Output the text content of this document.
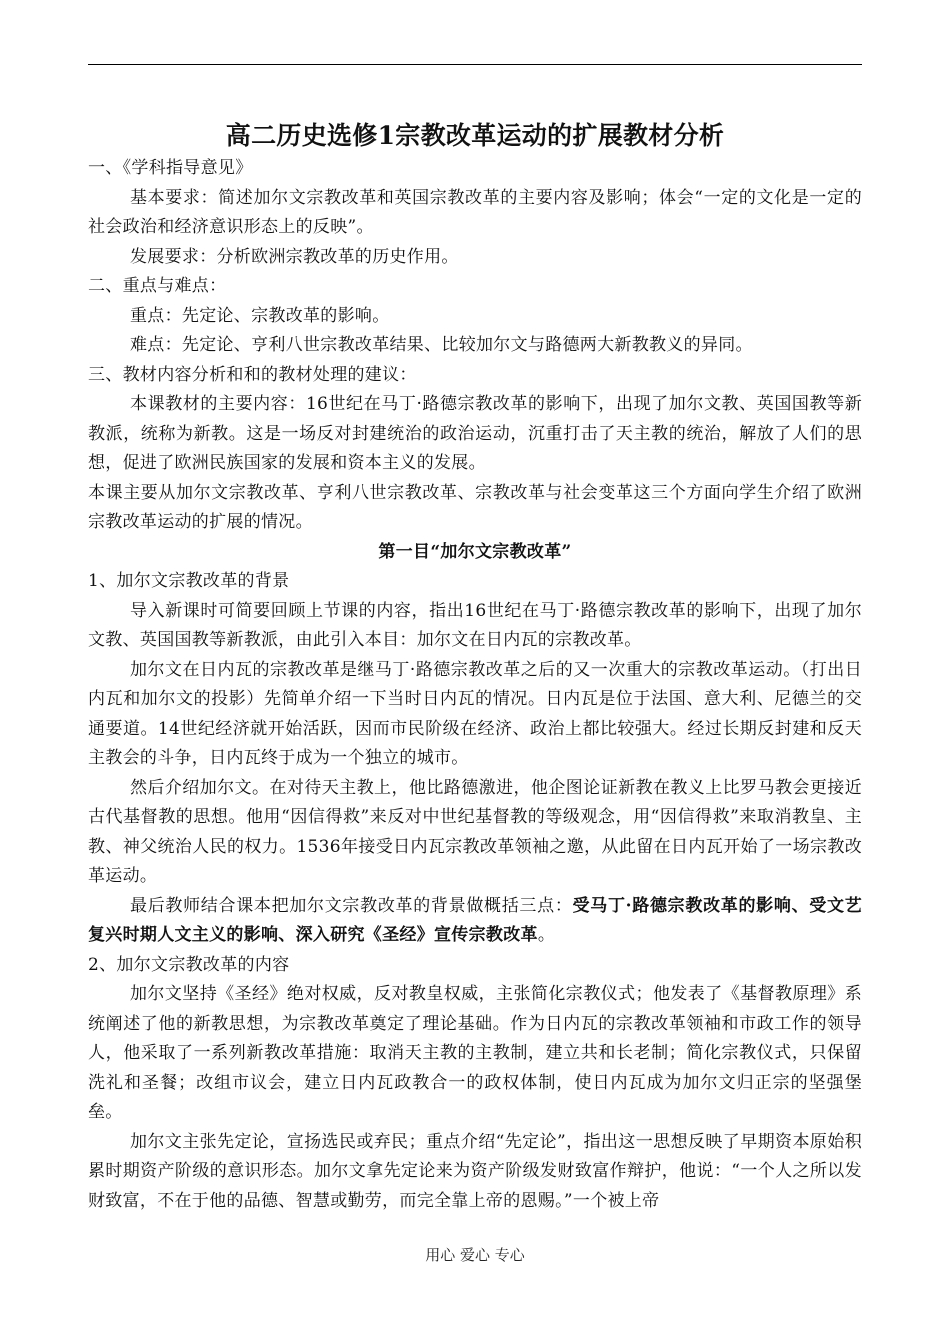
高二历史选修1宗教改革运动的扩展教材分析

一、《学科指导意见》

基本要求：简述加尔文宗教改革和英国宗教改革的主要内容及影响；体会“一定的文化是一定的社会政治和经济意识形态上的反映”。

发展要求：分析欧洲宗教改革的历史作用。

二、重点与难点：

重点：先定论、宗教改革的影响。

难点：先定论、亨利八世宗教改革结果、比较加尔文与路德两大新教教义的异同。

三、教材内容分析和和的教材处理的建议：

本课教材的主要内容：16世纪在马丁·路德宗教改革的影响下，出现了加尔文教、英国国教等新教派，统称为新教。这是一场反对封建统治的政治运动，沉重打击了天主教的统治，解放了人们的思想，促进了欧洲民族国家的发展和资本主义的发展。

本课主要从加尔文宗教改革、亨利八世宗教改革、宗教改革与社会变革这三个方面向学生介绍了欧洲宗教改革运动的扩展的情况。

第一目“加尔文宗教改革”

1、加尔文宗教改革的背景

导入新课时可简要回顾上节课的内容，指出16世纪在马丁·路德宗教改革的影响下，出现了加尔文教、英国国教等新教派，由此引入本目：加尔文在日内瓦的宗教改革。

加尔文在日内瓦的宗教改革是继马丁·路德宗教改革之后的又一次重大的宗教改革运动。（打出日内瓦和加尔文的投影）先简单介绍一下当时日内瓦的情况。日内瓦是位于法国、意大利、尼德兰的交通要道。14世纪经济就开始活跃，因而市民阶级在经济、政治上都比较强大。经过长期反封建和反天主教会的斗争，日内瓦终于成为一个独立的城市。

然后介绍加尔文。在对待天主教上，他比路德激进，他企图论证新教在教义上比罗马教会更接近古代基督教的思想。他用“因信得救”来反对中世纪基督教的等级观念，用“因信得救”来取消教皇、主教、神父统治人民的权力。1536年接受日内瓦宗教改革领袖之邀，从此留在日内瓦开始了一场宗教改革运动。

最后教师结合课本把加尔文宗教改革的背景做概括三点：受马丁·路德宗教改革的影响、受文艺复兴时期人文主义的影响、深入研究《圣经》宣传宗教改革。

2、加尔文宗教改革的内容

加尔文坚持《圣经》绝对权威，反对教皇权威，主张简化宗教仪式；他发表了《基督教原理》系统阐述了他的新教思想，为宗教改革奠定了理论基础。作为日内瓦的宗教改革领袖和市政工作的领导人，他采取了一系列新教改革措施：取消天主教的主教制，建立共和长老制；简化宗教仪式，只保留洗礼和圣餐；改组市议会，建立日内瓦政教合一的政权体制，使日内瓦成为加尔文归正宗的坚强堡垒。

加尔文主张先定论，宣扬选民或弃民；重点介绍“先定论”，指出这一思想反映了早期资本原始积累时期资产阶级的意识形态。加尔文拿先定论来为资产阶级发财致富作辩护，他说：“一个人之所以发财致富，不在于他的品德、智慧或勤劳，而完全靠上帝的恩赐。”一个被上帝

用心 爱心 专心
